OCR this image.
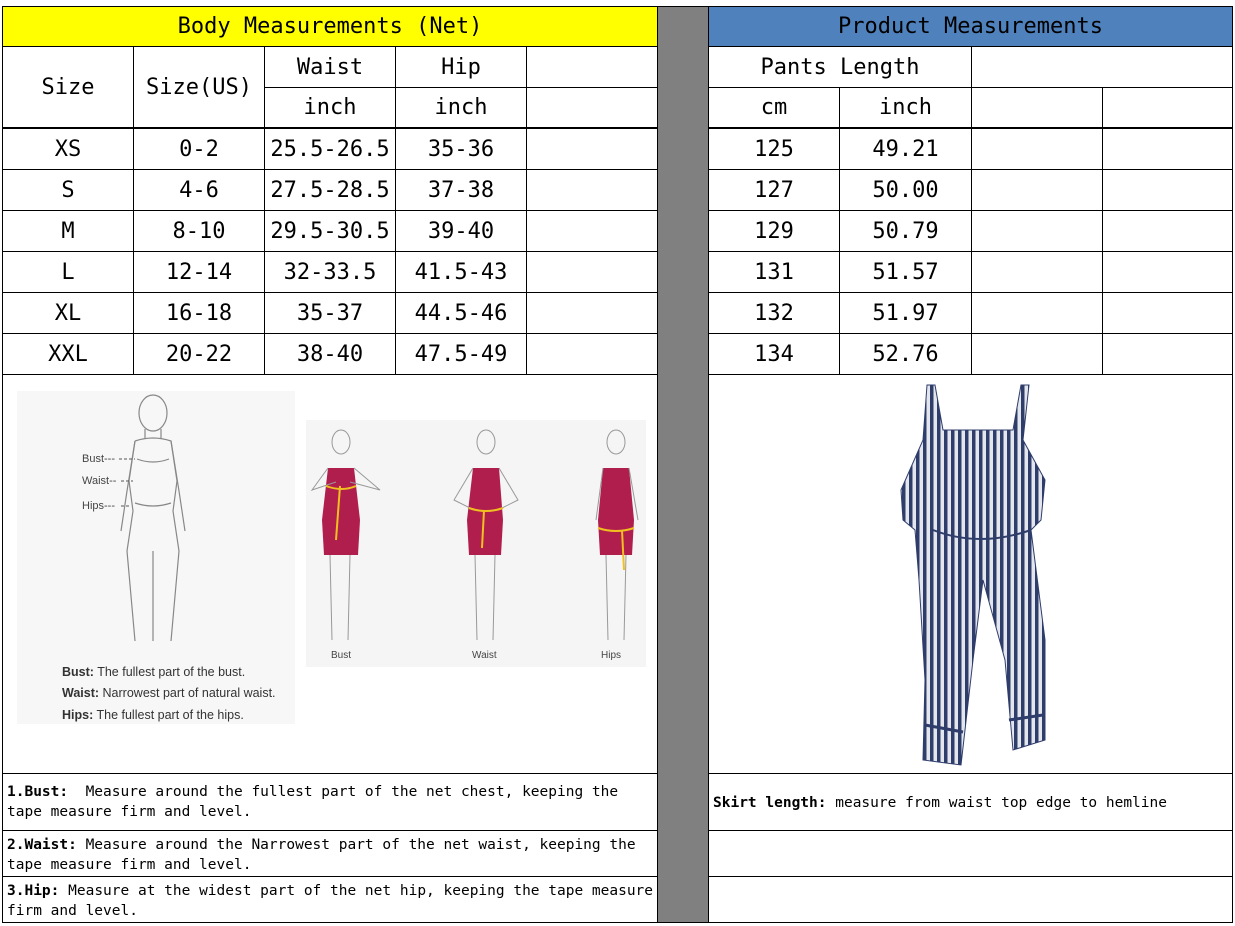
Body Measurements (Net)
Size	Size(US)
Waist	Hip
inch	inch
XS	0-2	25.5-26.5	35-36
S	4-6	27.5-28.5	37-38
M	8-10	29.5-30.5	39-40
L	12-14	32-33.5	41.5-43
XL	16-18	35-37	44.5-46
XXL	20-22	38-40	47.5-49
Product Measurements
Pants Length
cm	inch
125	49.21
127	50.00
129	50.79
131	51.57
132	51.97
134	52.76
Bust---
Waist--
Hips---
Bust: The fullest part of the bust.
Waist: Narrowest part of natural waist.
Hips: The fullest part of the hips.
Bust	Waist	Hips
1.Bust: Measure around the fullest part of the net chest, keeping the tape measure firm and level.
2.Waist: Measure around the Narrowest part of the net waist, keeping the tape measure firm and level.
3.Hip: Measure at the widest part of the net hip, keeping the tape measure firm and level.
Skirt length: measure from waist top edge to hemline
